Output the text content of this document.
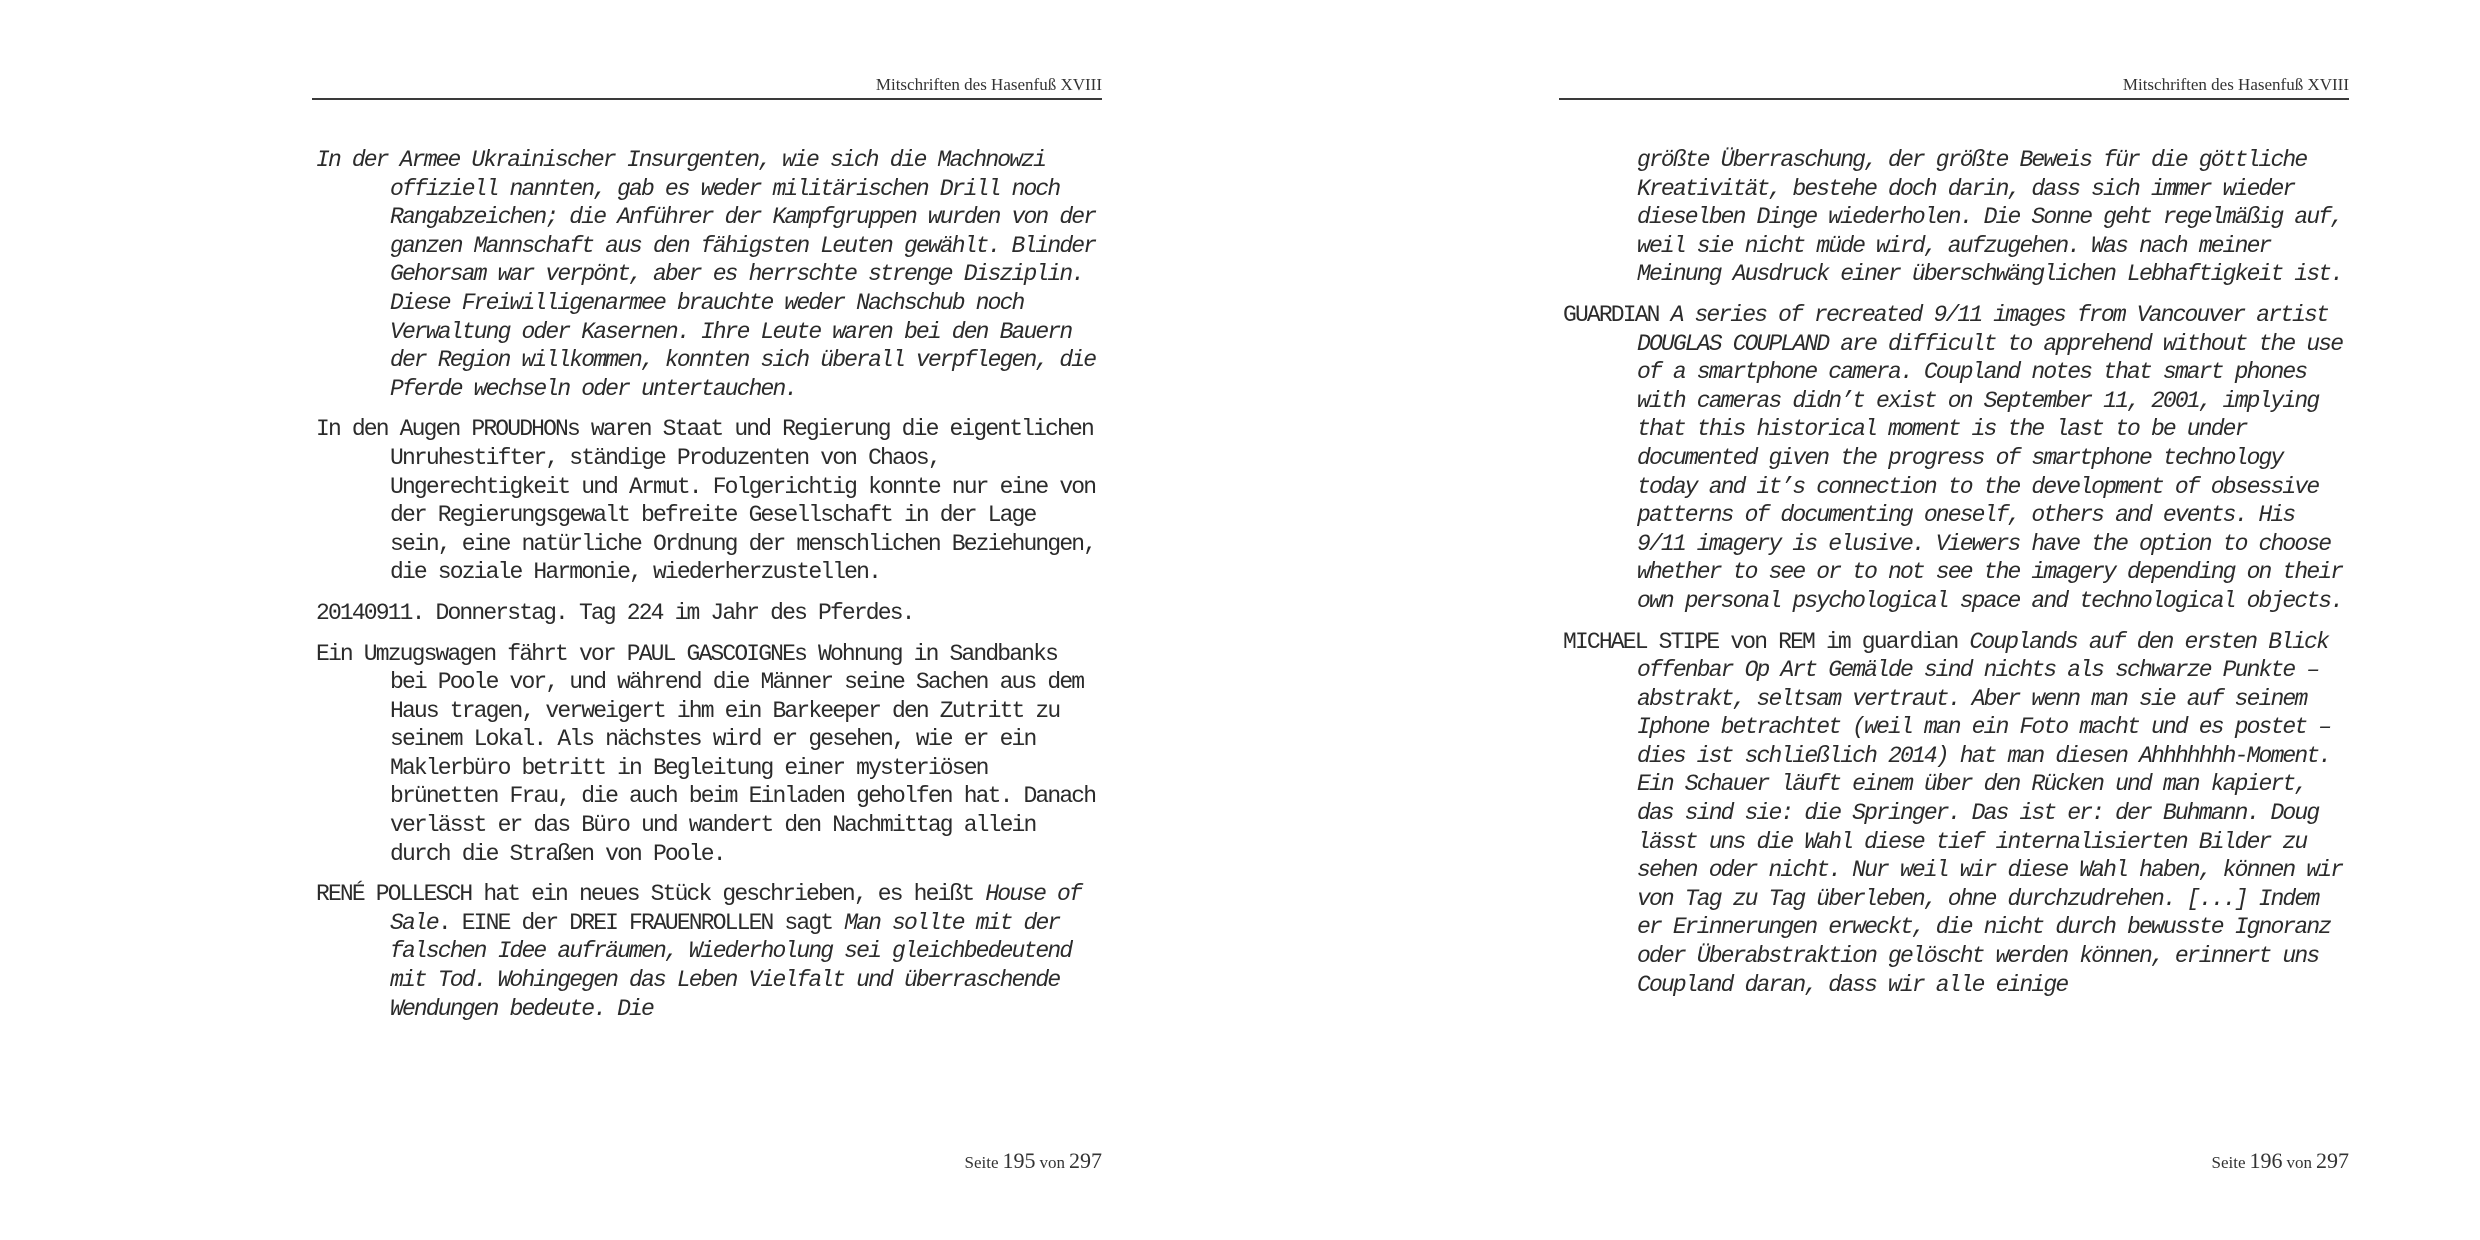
Mitschriften des Hasenfuß XVIII

In der Armee Ukrainischer Insurgenten, wie sich die Machnowzi offiziell nannten, gab es weder militärischen Drill noch Rangabzeichen; die Anführer der Kampfgruppen wurden von der ganzen Mannschaft aus den fähigsten Leuten gewählt. Blinder Gehorsam war verpönt, aber es herrschte strenge Disziplin. Diese Freiwilligenarmee brauchte weder Nachschub noch Verwaltung oder Kasernen. Ihre Leute waren bei den Bauern der Region willkommen, konnten sich überall verpflegen, die Pferde wechseln oder untertauchen.

In den Augen PROUDHONs waren Staat und Regierung die eigentlichen Unruhestifter, ständige Produzenten von Chaos, Ungerechtigkeit und Armut. Folgerichtig konnte nur eine von der Regierungsgewalt befreite Gesellschaft in der Lage sein, eine natürliche Ordnung der menschlichen Beziehungen, die soziale Harmonie, wiederherzustellen.

20140911. Donnerstag. Tag 224 im Jahr des Pferdes.

Ein Umzugswagen fährt vor PAUL GASCOIGNEs Wohnung in Sandbanks bei Poole vor, und während die Männer seine Sachen aus dem Haus tragen, verweigert ihm ein Barkeeper den Zutritt zu seinem Lokal. Als nächstes wird er gesehen, wie er ein Maklerbüro betritt in Begleitung einer mysteriösen brünetten Frau, die auch beim Einladen geholfen hat. Danach verlässt er das Büro und wandert den Nachmittag allein durch die Straßen von Poole.

RENÉ POLLESCH hat ein neues Stück geschrieben, es heißt House of Sale. EINE der DREI FRAUENROLLEN sagt Man sollte mit der falschen Idee aufräumen, Wiederholung sei gleichbedeutend mit Tod. Wohingegen das Leben Vielfalt und überraschende Wendungen bedeute. Die

Seite 195 von 297
Mitschriften des Hasenfuß XVIII

größte Überraschung, der größte Beweis für die göttliche Kreativität, bestehe doch darin, dass sich immer wieder dieselben Dinge wiederholen. Die Sonne geht regelmäßig auf, weil sie nicht müde wird, aufzugehen. Was nach meiner Meinung Ausdruck einer überschwänglichen Lebhaftigkeit ist.

GUARDIAN A series of recreated 9/11 images from Vancouver artist DOUGLAS COUPLAND are difficult to apprehend without the use of a smartphone camera. Coupland notes that smart phones with cameras didn’t exist on September 11, 2001, implying that this historical moment is the last to be under documented given the progress of smartphone technology today and it’s connection to the development of obsessive patterns of documenting oneself, others and events. His 9/11 imagery is elusive. Viewers have the option to choose whether to see or to not see the imagery depending on their own personal psychological space and technological objects.

MICHAEL STIPE von REM im guardian Couplands auf den ersten Blick offenbar Op Art Gemälde sind nichts als schwarze Punkte – abstrakt, seltsam vertraut. Aber wenn man sie auf seinem Iphone betrachtet (weil man ein Foto macht und es postet – dies ist schließlich 2014) hat man diesen Ahhhhhhh-Moment. Ein Schauer läuft einem über den Rücken und man kapiert, das sind sie: die Springer. Das ist er: der Buhmann. Doug lässt uns die Wahl diese tief internalisierten Bilder zu sehen oder nicht. Nur weil wir diese Wahl haben, können wir von Tag zu Tag überleben, ohne durchzudrehen. [...] Indem er Erinnerungen erweckt, die nicht durch bewusste Ignoranz oder Überabstraktion gelöscht werden können, erinnert uns Coupland daran, dass wir alle einige

Seite 196 von 297
